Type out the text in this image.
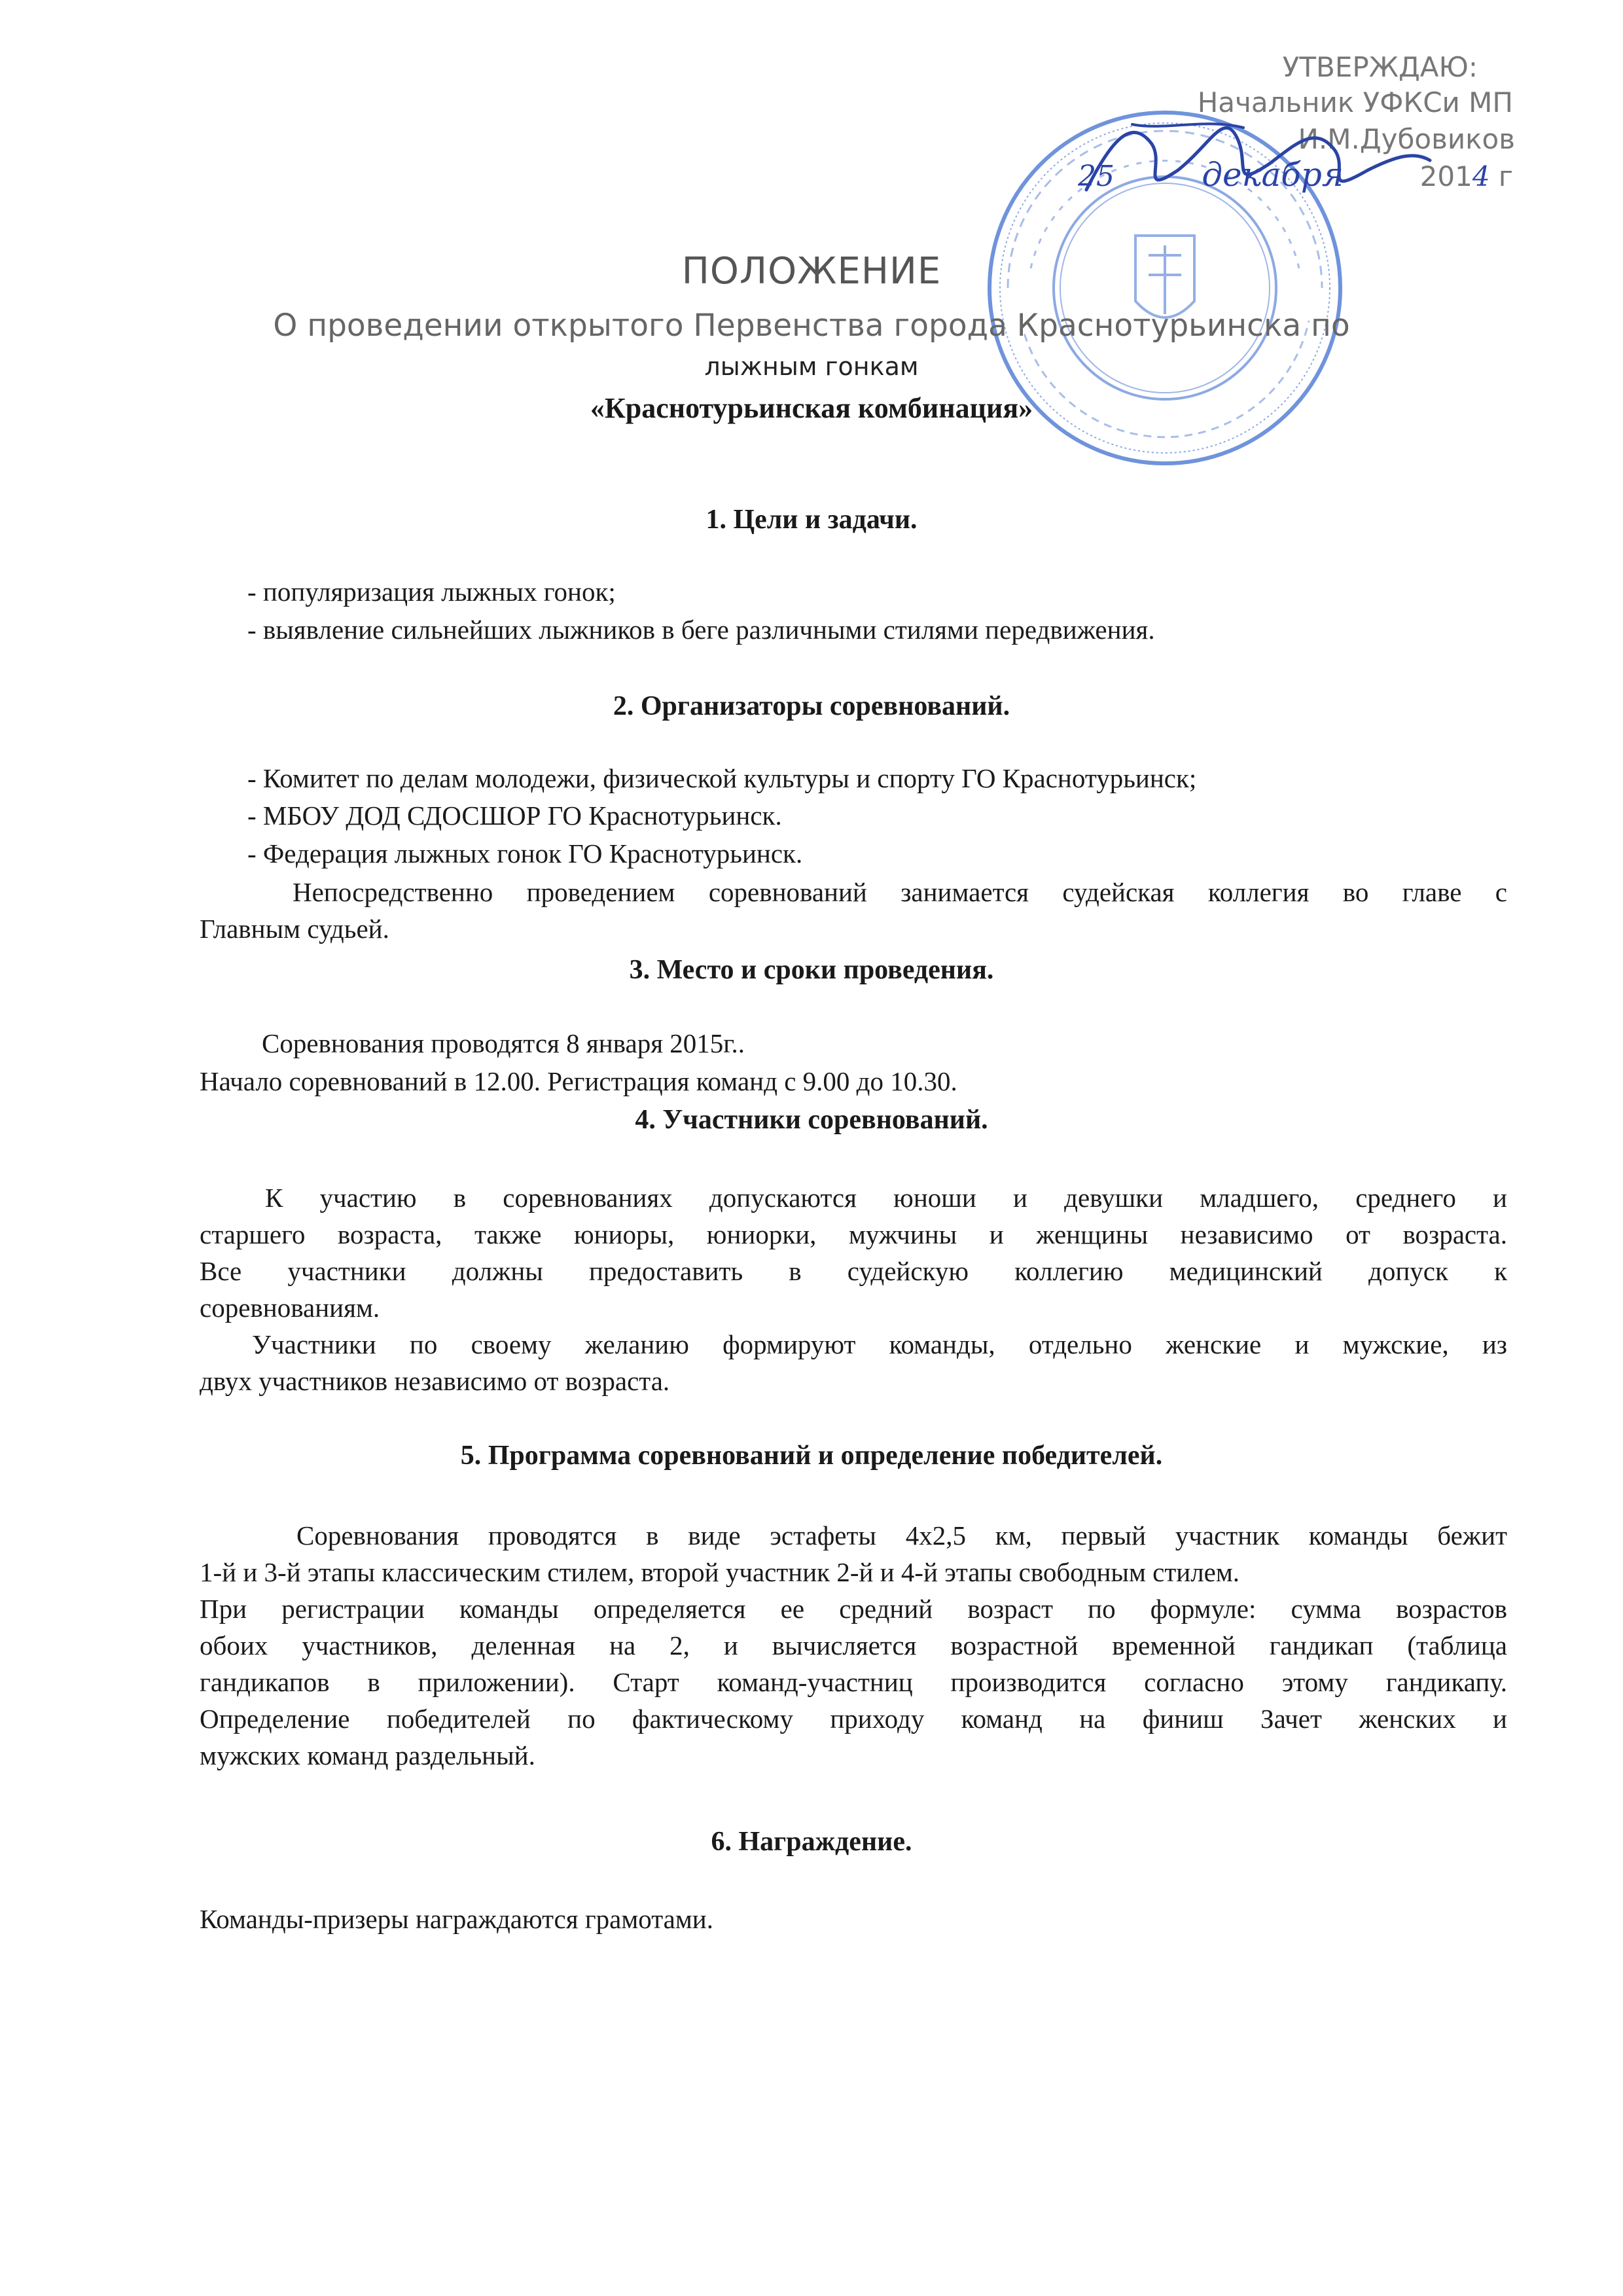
УТВЕРЖДАЮ:
Начальник УФКСи МП
И.М.Дубовиков
25	декабря	2014 г
ПОЛОЖЕНИЕ
О проведении открытого Первенства города Краснотурьинска по
лыжным гонкам
«Краснотурьинская комбинация»
1. Цели и задачи.
- популяризация лыжных гонок;
- выявление сильнейших лыжников в беге различными стилями передвижения.
2. Организаторы соревнований.
- Комитет по делам молодежи, физической культуры и спорту ГО Краснотурьинск;
- МБОУ ДОД СДОСШОР ГО Краснотурьинск.
- Федерация лыжных гонок ГО Краснотурьинск.
Непосредственно проведением соревнований занимается судейская коллегия во главе с
Главным судьей.
3. Место и сроки проведения.
Соревнования проводятся 8 января 2015г..
Начало соревнований в 12.00. Регистрация команд с 9.00 до 10.30.
4. Участники соревнований.
К участию в соревнованиях допускаются юноши и девушки младшего, среднего и
старшего возраста, также юниоры, юниорки, мужчины и женщины независимо от возраста.
Все участники должны предоставить в судейскую коллегию медицинский допуск к
соревнованиям.
Участники по своему желанию формируют команды, отдельно женские и мужские, из
двух участников независимо от возраста.
5. Программа соревнований и определение победителей.
Соревнования проводятся в виде эстафеты 4х2,5 км, первый участник команды бежит
1-й и 3-й этапы классическим стилем, второй участник 2-й и 4-й этапы свободным стилем.
При регистрации команды определяется ее средний возраст по формуле: сумма возрастов
обоих участников, деленная на 2, и вычисляется возрастной временной гандикап (таблица
гандикапов в приложении). Старт команд-участниц производится согласно этому гандикапу.
Определение победителей по фактическому приходу команд на финиш Зачет женских и
мужских команд раздельный.
6. Награждение.
Команды-призеры награждаются грамотами.
